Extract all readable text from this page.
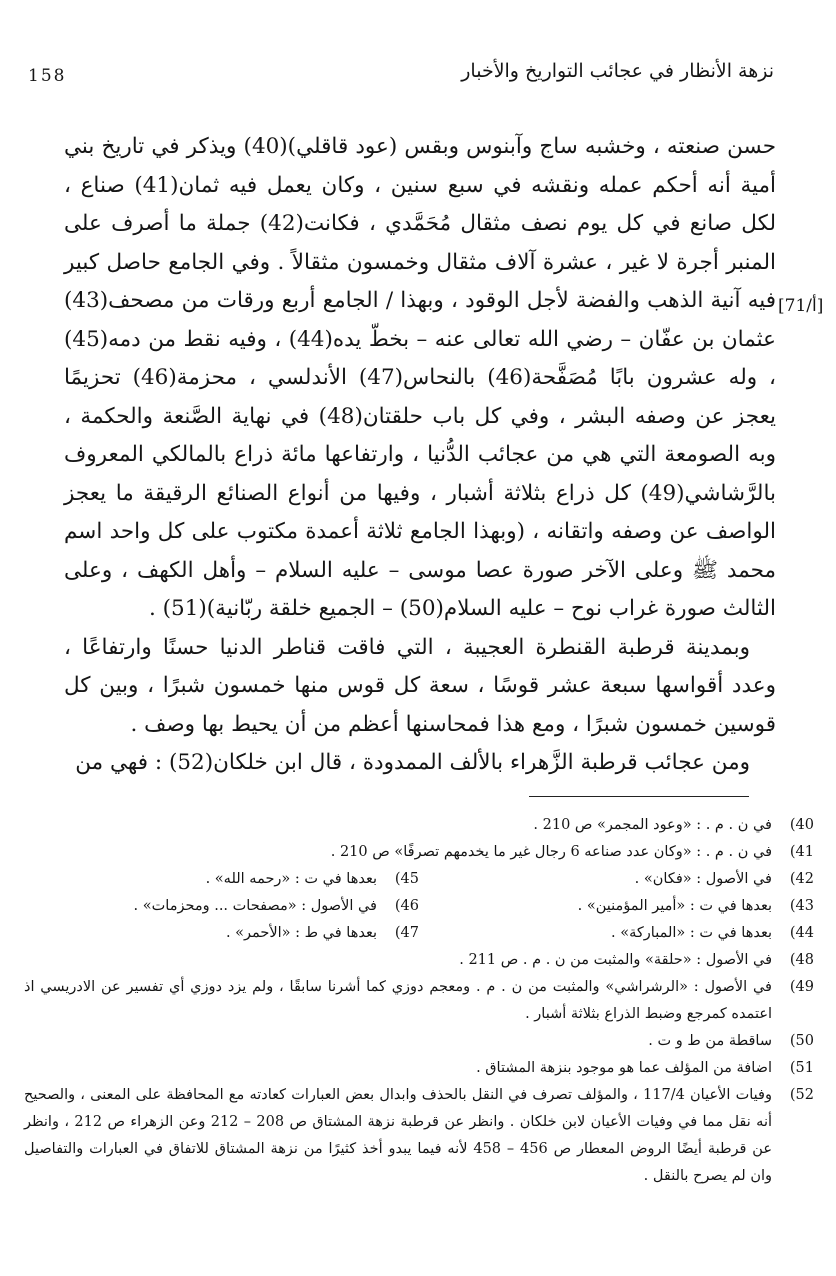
نزهة الأنظار في عجائب التواريخ والأخبار
158
[71/أ]

حسن صنعته ، وخشبه ساج وآبنوس وبقس (عود قاقلي)(40) ويذكر في تاريخ بني أمية أنه أحكم عمله ونقشه في سبع سنين ، وكان يعمل فيه ثمان(41) صناع ، لكل صانع في كل يوم نصف مثقال مُحَمَّدي ، فكانت(42) جملة ما أصرف على المنبر أجرة لا غير ، عشرة آلاف مثقال وخمسون مثقالاً . وفي الجامع حاصل كبير فيه آنية الذهب والفضة لأجل الوقود ، وبهذا / الجامع أربع ورقات من مصحف(43) عثمان بن عفّان – رضي الله تعالى عنه – بخطّ يده(44) ، وفيه نقط من دمه(45) ، وله عشرون بابًا مُصَفَّحة(46) بالنحاس(47) الأندلسي ، محزمة(46) تحزيمًا يعجز عن وصفه البشر ، وفي كل باب حلقتان(48) في نهاية الصَّنعة والحكمة ، وبه الصومعة التي هي من عجائب الدُّنيا ، وارتفاعها مائة ذراع بالمالكي المعروف بالرَّشاشي(49) كل ذراع بثلاثة أشبار ، وفيها من أنواع الصنائع الرقيقة ما يعجز الواصف عن وصفه واتقانه ، (وبهذا الجامع ثلاثة أعمدة مكتوب على كل واحد اسم محمد ﷺ وعلى الآخر صورة عصا موسى – عليه السلام – وأهل الكهف ، وعلى الثالث صورة غراب نوح – عليه السلام(50) – الجميع خلقة ربّانية)(51) .

وبمدينة قرطبة القنطرة العجيبة ، التي فاقت قناطر الدنيا حسنًا وارتفاعًا ، وعدد أقواسها سبعة عشر قوسًا ، سعة كل قوس منها خمسون شبرًا ، وبين كل قوسين خمسون شبرًا ، ومع هذا فمحاسنها أعظم من أن يحيط بها وصف .

ومن عجائب قرطبة الزَّهراء بالألف الممدودة ، قال ابن خلكان(52) : فهي من

40)
في ن . م . : «وعود المجمر» ص 210 .
41)
في ن . م . : «وكان عدد صناعه 6 رجال غير ما يخدمهم تصرفًا» ص 210 .
42)
في الأصول : «فكان» .
45)
بعدها في ت : «رحمه الله» .
43)
بعدها في ت : «أمير المؤمنين» .
46)
في الأصول : «مصفحات ... ومحزمات» .
44)
بعدها في ت : «المباركة» .
47)
بعدها في ط : «الأحمر» .
48)
في الأصول : «حلقة» والمثبت من ن . م . ص 211 .
49)
في الأصول : «الرشراشي» والمثبت من ن . م . ومعجم دوزي كما أشرنا سابقًا ، ولم يزد دوزي أي تفسير عن الادريسي اذ اعتمده كمرجع وضبط الذراع بثلاثة أشبار .
50)
ساقطة من ط و ت .
51)
اضافة من المؤلف عما هو موجود بنزهة المشتاق .
52)
وفيات الأعيان 117/4 ، والمؤلف تصرف في النقل بالحذف وابدال بعض العبارات كعادته مع المحافظة على المعنى ، والصحيح أنه نقل مما في وفيات الأعيان لابن خلكان . وانظر عن قرطبة نزهة المشتاق ص 208 – 212 وعن الزهراء ص 212 ، وانظر عن قرطبة أيضًا الروض المعطار ص 456 – 458 لأنه فيما يبدو أخذ كثيرًا من نزهة المشتاق للاتفاق في العبارات والتفاصيل وان لم يصرح بالنقل .
